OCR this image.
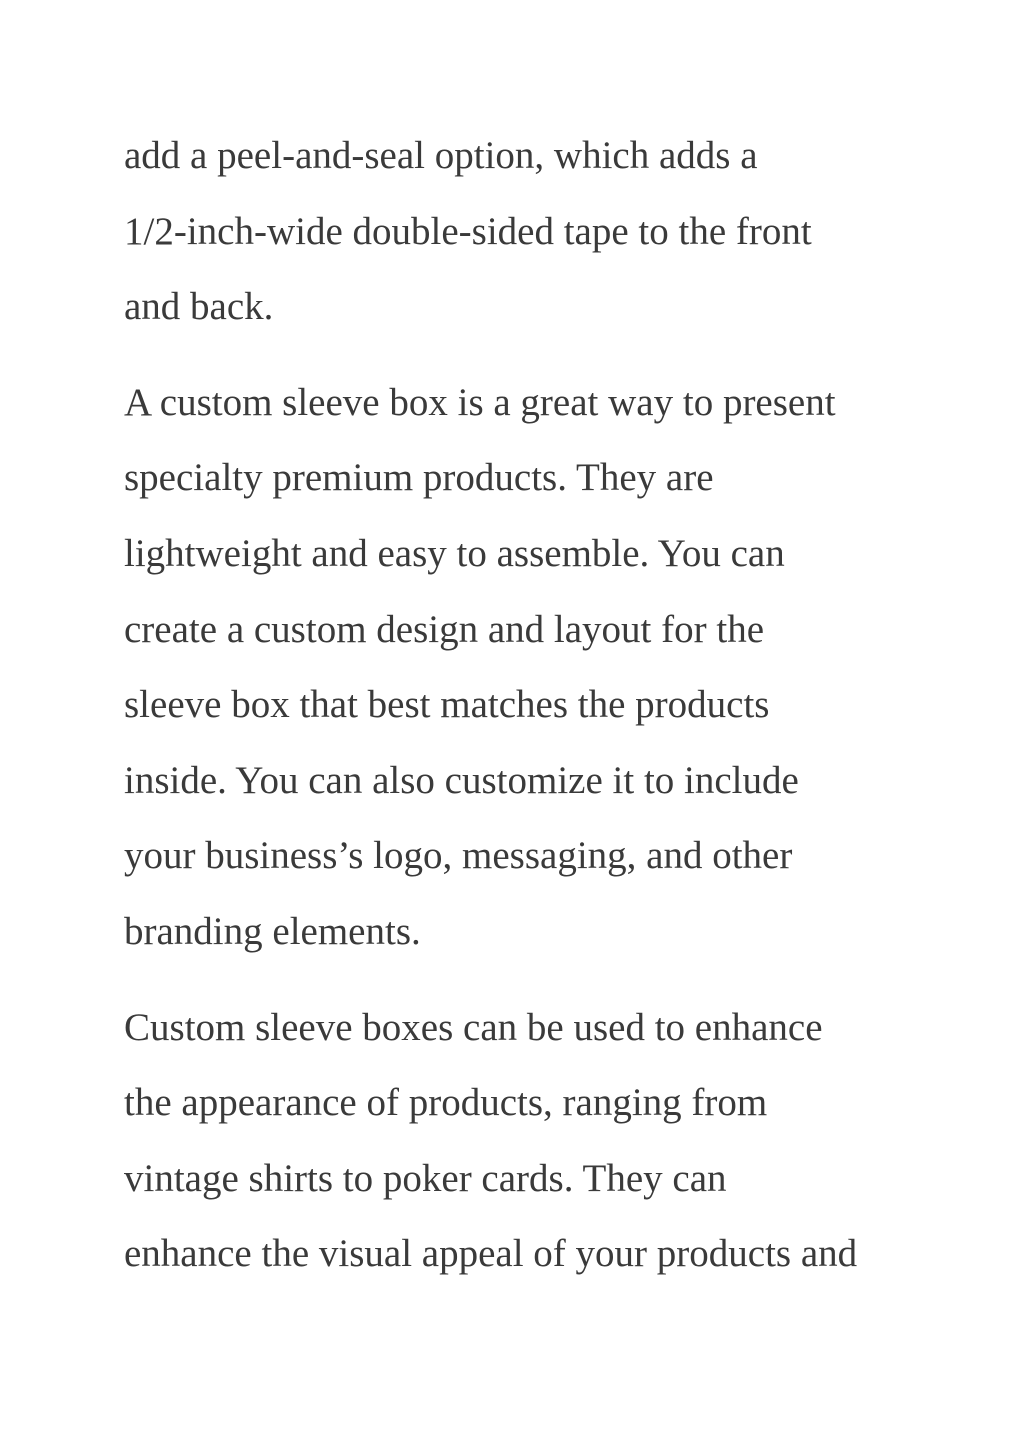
add a peel-and-seal option, which adds a
1/2-inch-wide double-sided tape to the front
and back.

A custom sleeve box is a great way to present
specialty premium products. They are
lightweight and easy to assemble. You can
create a custom design and layout for the
sleeve box that best matches the products
inside. You can also customize it to include
your business’s logo, messaging, and other
branding elements.

Custom sleeve boxes can be used to enhance
the appearance of products, ranging from
vintage shirts to poker cards. They can
enhance the visual appeal of your products and
